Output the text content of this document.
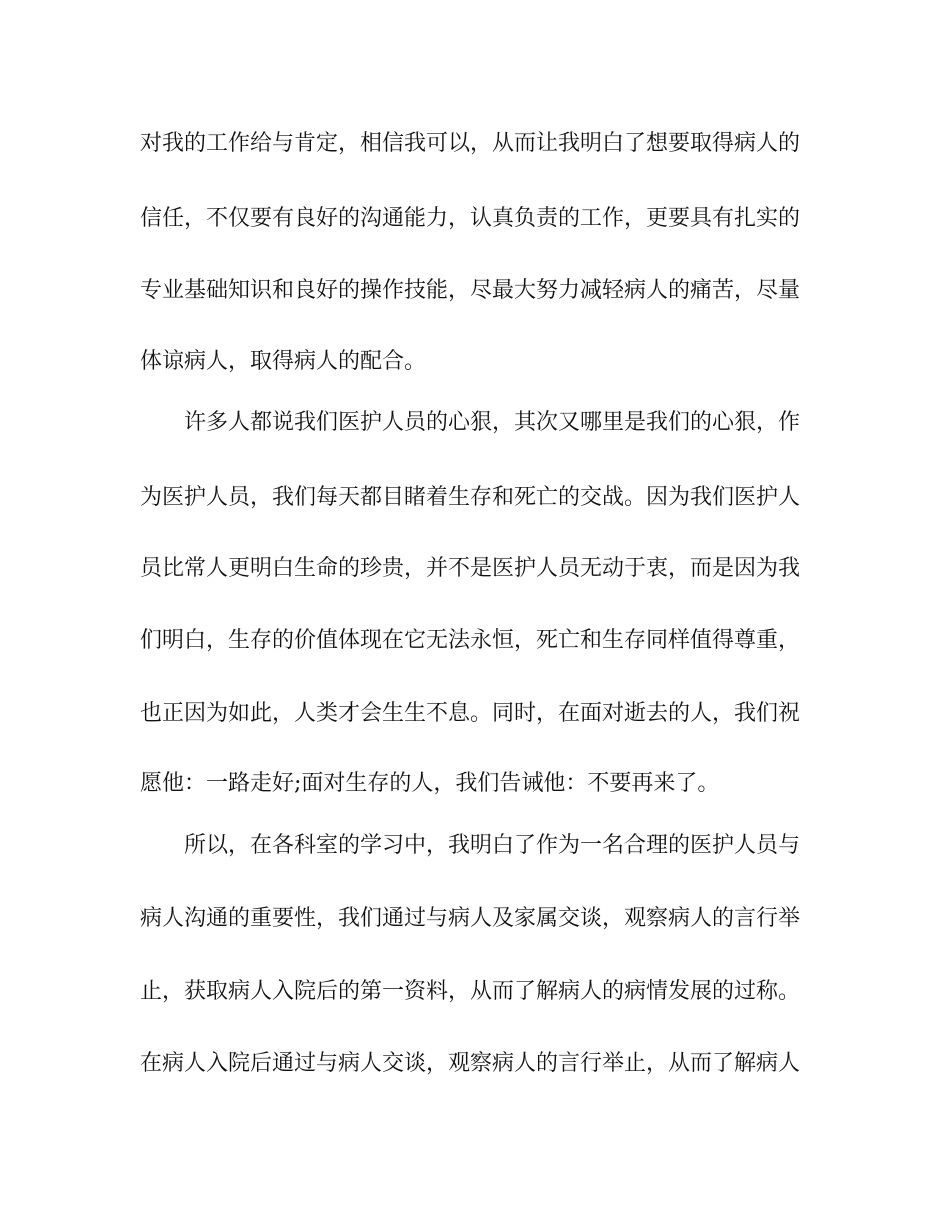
对我的工作给与肯定，相信我可以，从而让我明白了想要取得病人的
信任，不仅要有良好的沟通能力，认真负责的工作，更要具有扎实的
专业基础知识和良好的操作技能，尽最大努力减轻病人的痛苦，尽量
体谅病人，取得病人的配合。
许多人都说我们医护人员的心狠，其次又哪里是我们的心狠，作
为医护人员，我们每天都目睹着生存和死亡的交战。因为我们医护人
员比常人更明白生命的珍贵，并不是医护人员无动于衷，而是因为我
们明白，生存的价值体现在它无法永恒，死亡和生存同样值得尊重，
也正因为如此，人类才会生生不息。同时，在面对逝去的人，我们祝
愿他：一路走好;面对生存的人，我们告诫他：不要再来了。
所以，在各科室的学习中，我明白了作为一名合理的医护人员与
病人沟通的重要性，我们通过与病人及家属交谈，观察病人的言行举
止，获取病人入院后的第一资料，从而了解病人的病情发展的过称。
在病人入院后通过与病人交谈，观察病人的言行举止，从而了解病人
